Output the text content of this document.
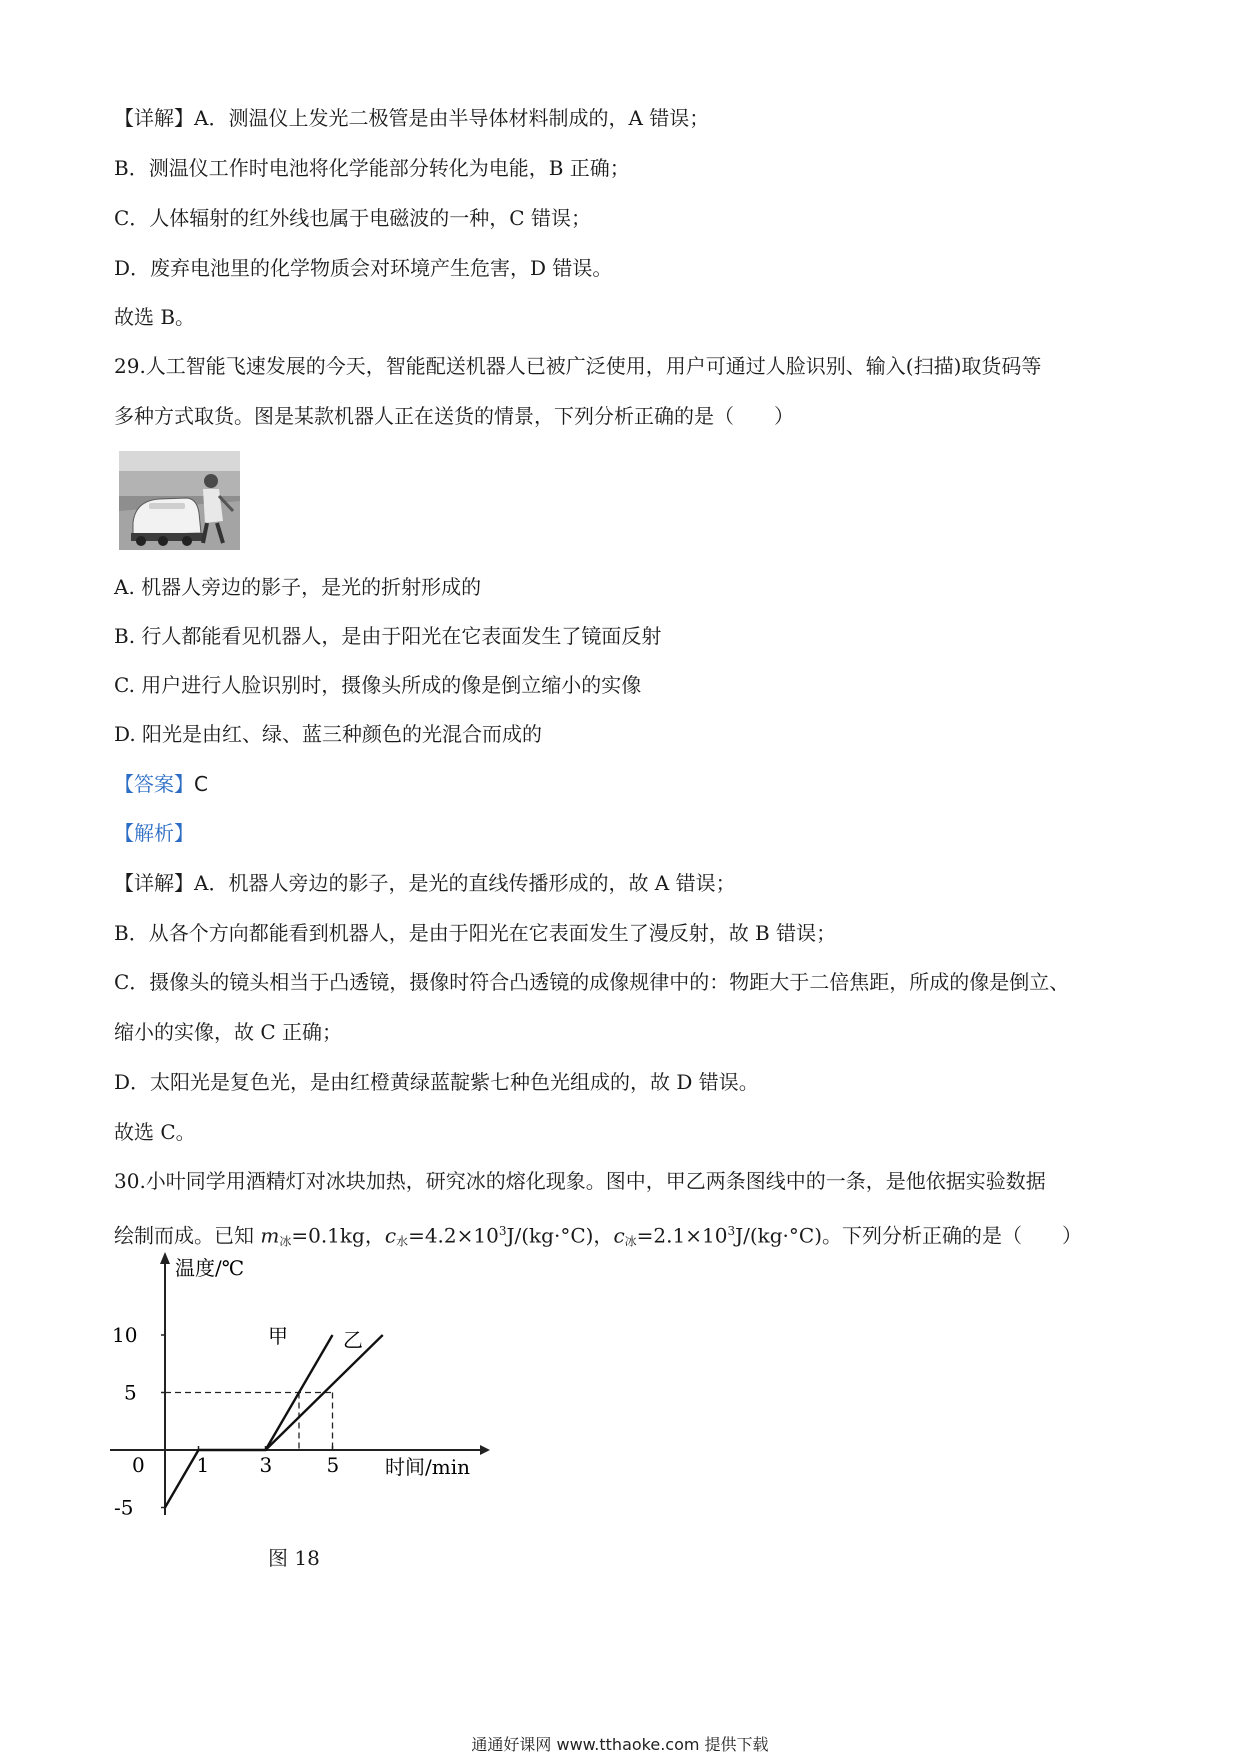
【详解】A．测温仪上发光二极管是由半导体材料制成的，A 错误；
B．测温仪工作时电池将化学能部分转化为电能，B 正确；
C．人体辐射的红外线也属于电磁波的一种，C 错误；
D．废弃电池里的化学物质会对环境产生危害，D 错误。
故选 B。
29.人工智能飞速发展的今天，智能配送机器人已被广泛使用，用户可通过人脸识别、输入(扫描)取货码等
多种方式取货。图是某款机器人正在送货的情景，下列分析正确的是（　　）
A. 机器人旁边的影子，是光的折射形成的
B. 行人都能看见机器人，是由于阳光在它表面发生了镜面反射
C. 用户进行人脸识别时，摄像头所成的像是倒立缩小的实像
D. 阳光是由红、绿、蓝三种颜色的光混合而成的
【答案】C
【解析】
【详解】A．机器人旁边的影子，是光的直线传播形成的，故 A 错误；
B．从各个方向都能看到机器人，是由于阳光在它表面发生了漫反射，故 B 错误；
C．摄像头的镜头相当于凸透镜，摄像时符合凸透镜的成像规律中的：物距大于二倍焦距，所成的像是倒立、
缩小的实像，故 C 正确；
D．太阳光是复色光，是由红橙黄绿蓝靛紫七种色光组成的，故 D 错误。
故选 C。
30.小叶同学用酒精灯对冰块加热，研究冰的熔化现象。图中，甲乙两条图线中的一条，是他依据实验数据
绘制而成。已知 $m_冰=0.1kg$，$c_水=4.2\times 10^3J/(kg\cdot^\circ C)$，$c_冰=2.1\times 10^3J/(kg\cdot^\circ C)$。下列分析正确的是（　　）
10
5
-5
0	1	3	5
温度/℃
时间/min
甲	乙
图 18
通通好课网 www.tthaoke.com 提供下载
